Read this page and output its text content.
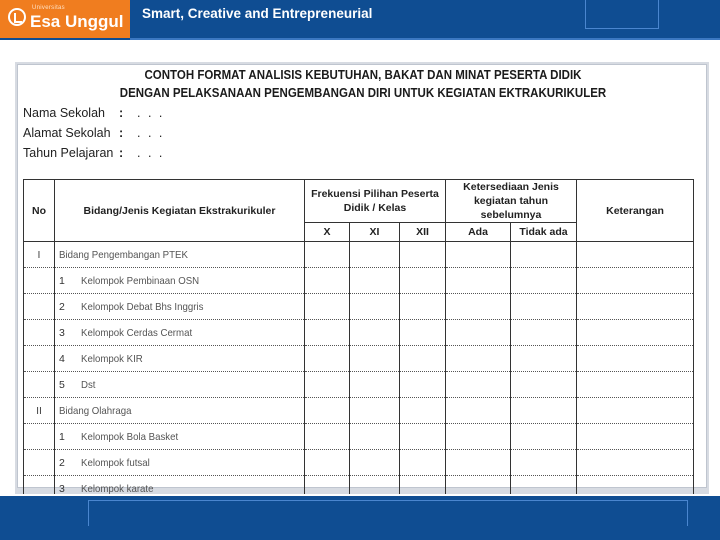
Universitas
Esa Unggul Smart, Creative and Entrepreneurial
CONTOH FORMAT ANALISIS KEBUTUHAN, BAKAT DAN MINAT PESERTA DIDIK
DENGAN PELAKSANAAN PENGEMBANGAN DIRI UNTUK KEGIATAN EKTRAKURIKULER
Nama Sekolah : . . .
Alamat Sekolah : . . .
Tahun Pelajaran : . . .
No	Bidang/Jenis Kegiatan Ekstrakurikuler	Frekuensi Pilihan Peserta Didik / Kelas			Ketersediaan Jenis kegiatan tahun sebelumnya		Keterangan
		X	XI	XII	Ada	Tidak ada	
I	Bidang Pengembangan PTEK						
	1 Kelompok Pembinaan OSN						
	2 Kelompok Debat Bhs Inggris						
	3 Kelompok Cerdas Cermat						
	4 Kelompok KIR						
	5 Dst						
II	Bidang Olahraga						
	1 Kelompok Bola Basket						
	2 Kelompok futsal						
	3 Kelompok karate						
